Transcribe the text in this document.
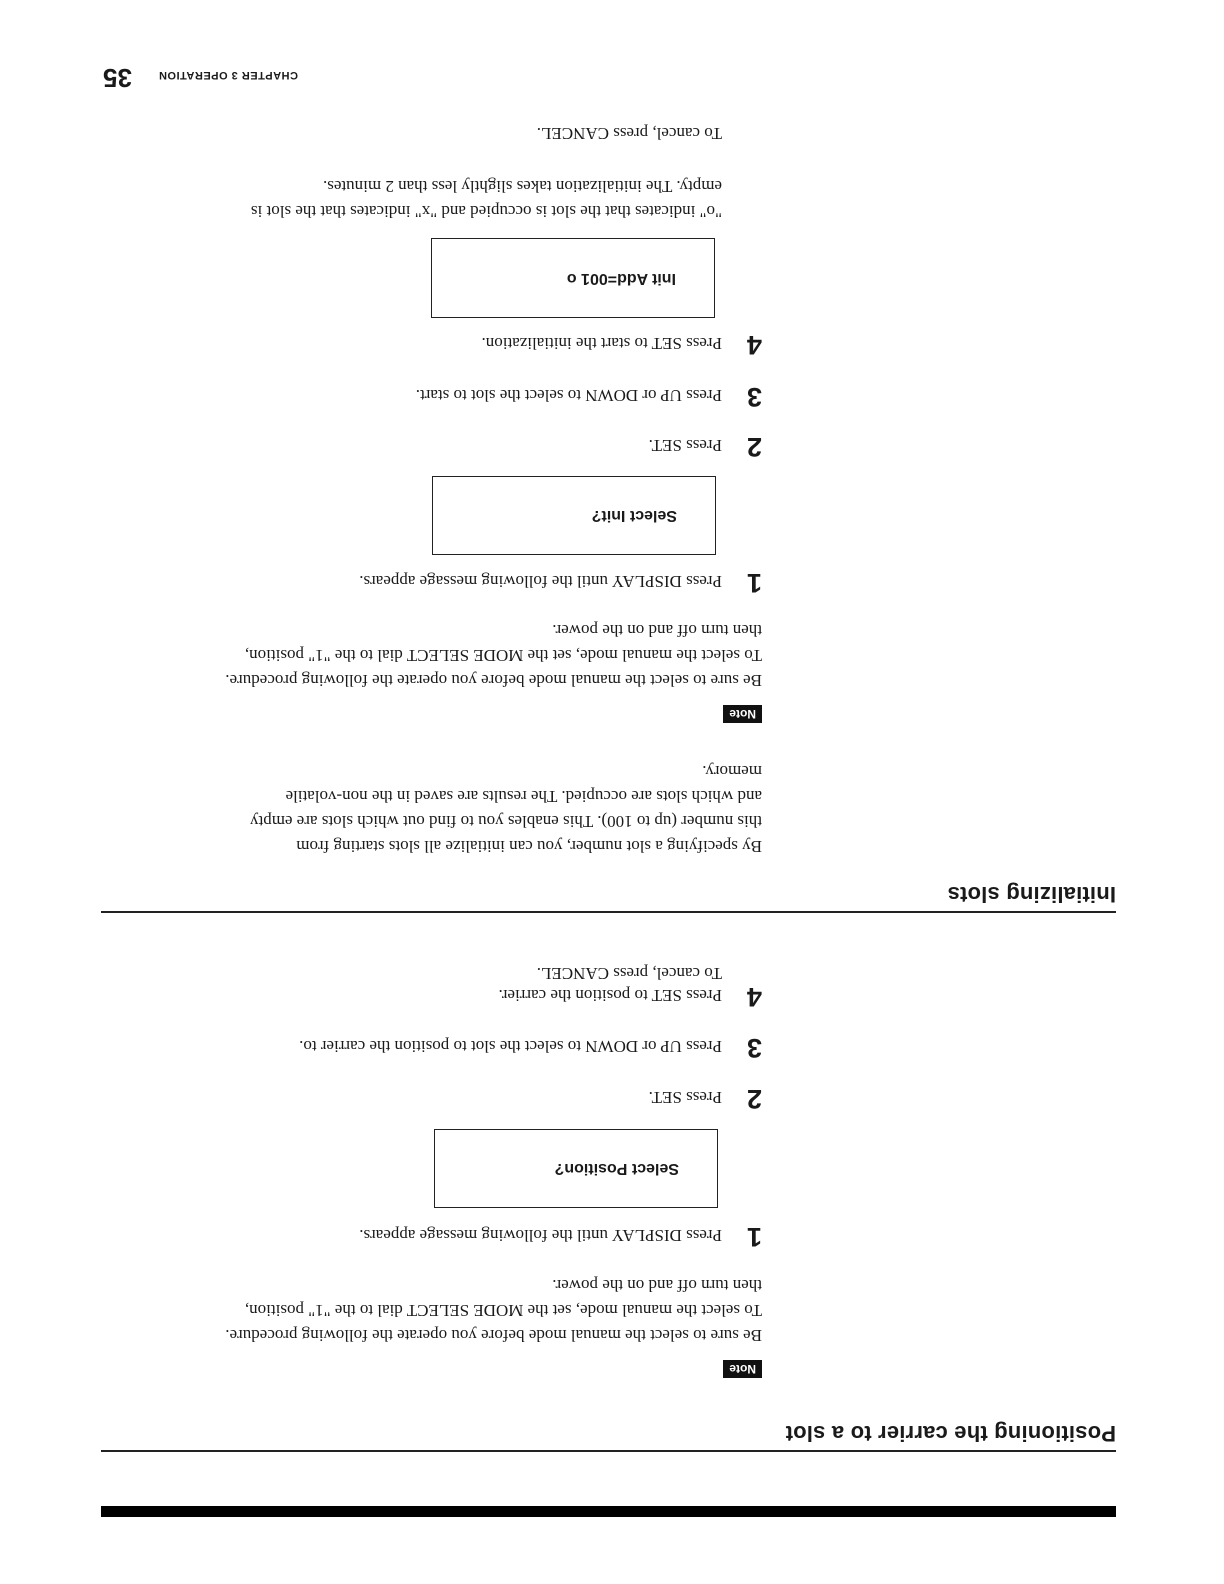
Positioning the carrier to a slot
Note
Be sure to select the manual mode before you operate the following procedure.
To select the manual mode, set the MODE SELECT dial to the "1" position,
then turn off and on the power.
1
Press DISPLAY until the following message appears.
Select Position?
2
Press SET.
3
Press UP or DOWN to select the slot to position the carrier to.
4
Press SET to position the carrier.
To cancel, press CANCEL.
Initializing slots
By specifying a slot number, you can initialize all slots starting from
this number (up to 100). This enables you to find out which slots are empty
and which slots are occupied. The results are saved in the non-volatile
memory.
Note
Be sure to select the manual mode before you operate the following procedure.
To select the manual mode, set the MODE SELECT dial to the "1" position,
then turn off and on the power.
1
Press DISPLAY until the following message appears.
Select Init?
2
Press SET.
3
Press UP or DOWN to select the slot to start.
4
Press SET to start the initialization.
Init Add=001 o
"o" indicates that the slot is occupied and "x" indicates that the slot is
empty. The initialization takes slightly less than 2 minutes.
To cancel, press CANCEL.
CHAPTER 3 OPERATION
35
